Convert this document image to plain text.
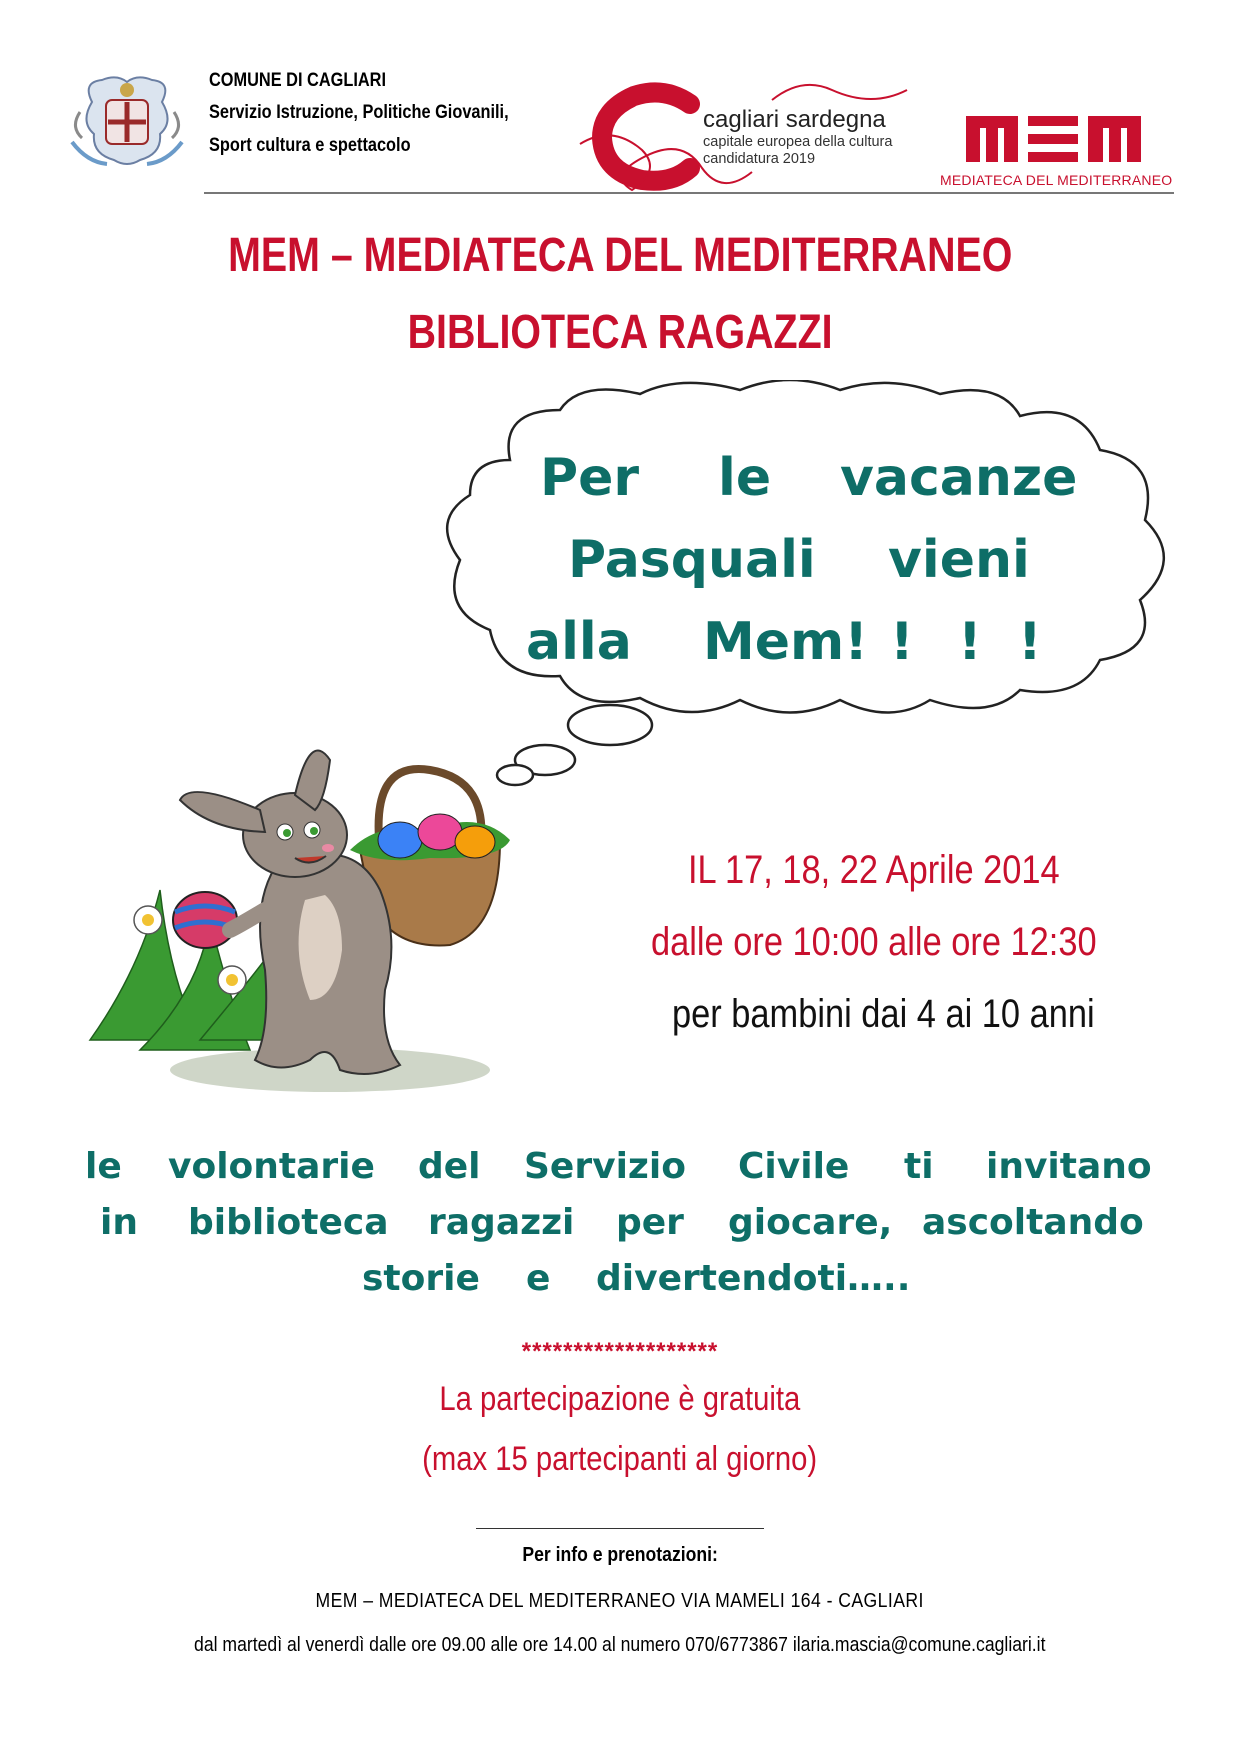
COMUNE DI CAGLIARI
Servizio Istruzione, Politiche Giovanili,
Sport cultura e spettacolo
cagliari sardegna
capitale europea della cultura
candidatura 2019
MEDIATECA DEL MEDITERRANEO
MEM – MEDIATECA DEL MEDITERRANEO
BIBLIOTECA RAGAZZI
Per le vacanze
Pasquali vieni
alla Mem! ! ! !
IL 17, 18, 22 Aprile 2014
dalle ore 10:00 alle ore 12:30
per bambini dai 4 ai 10 anni
le volontarie del Servizio Civile ti invitano
in biblioteca ragazzi per giocare, ascoltando
storie e divertendoti…..
*******************
La partecipazione è gratuita
(max 15 partecipanti al giorno)
Per info e prenotazioni:
MEM – MEDIATECA DEL MEDITERRANEO VIA MAMELI 164 - CAGLIARI
dal martedì al venerdì dalle ore 09.00 alle ore 14.00 al numero 070/6773867 ilaria.mascia@comune.cagliari.it
